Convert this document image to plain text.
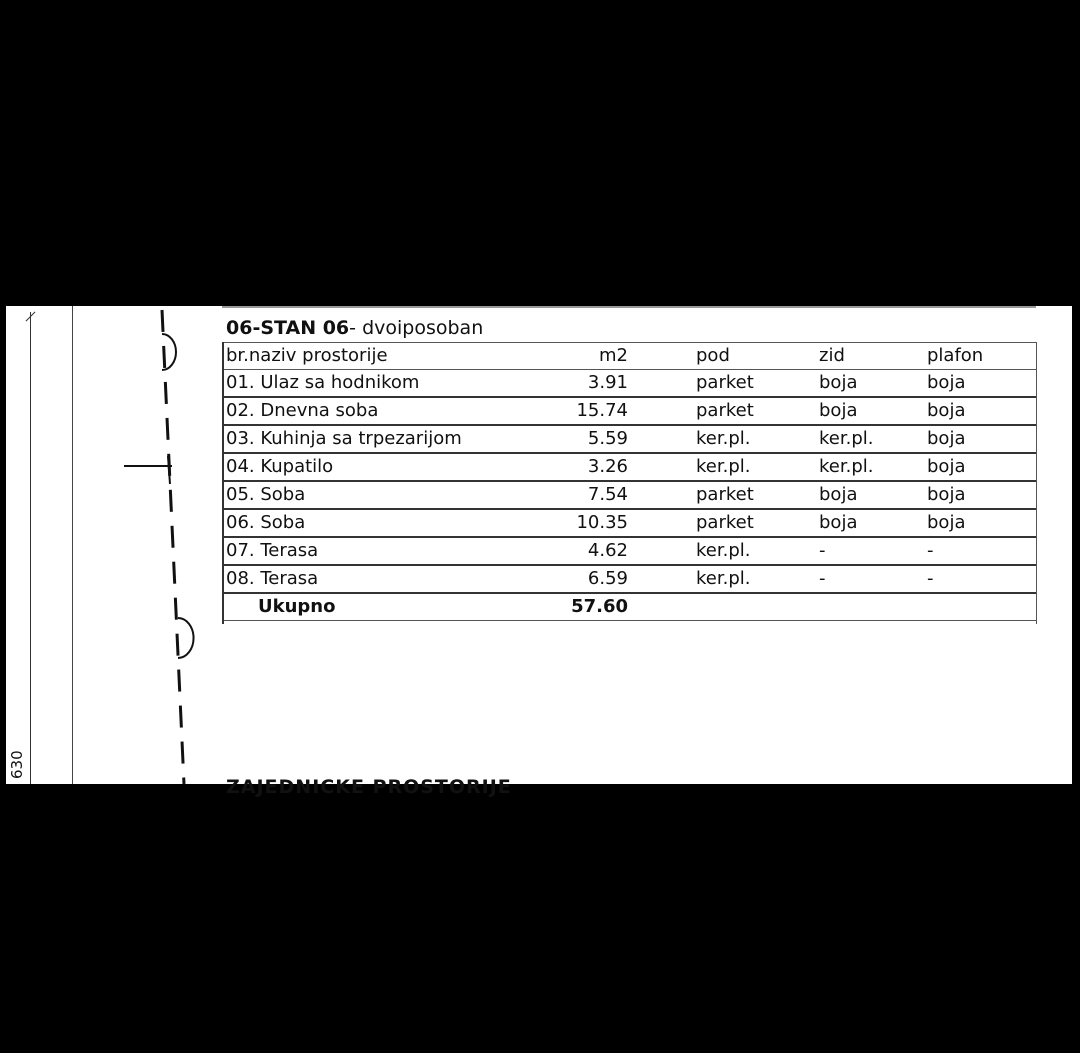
630
06-STAN 06- dvoiposoban
br.naziv prostorije	m2	pod	zid	plafon
01. Ulaz sa hodnikom	3.91	parket	boja	boja
02. Dnevna soba	15.74	parket	boja	boja
03. Kuhinja sa trpezarijom	5.59	ker.pl.	ker.pl.	boja
04. Kupatilo	3.26	ker.pl.	ker.pl.	boja
05. Soba	7.54	parket	boja	boja
06. Soba	10.35	parket	boja	boja
07. Terasa	4.62	ker.pl.	-	-
08. Terasa	6.59	ker.pl.	-	-
Ukupno	57.60			
ZAJEDNICKE PROSTORIJE
